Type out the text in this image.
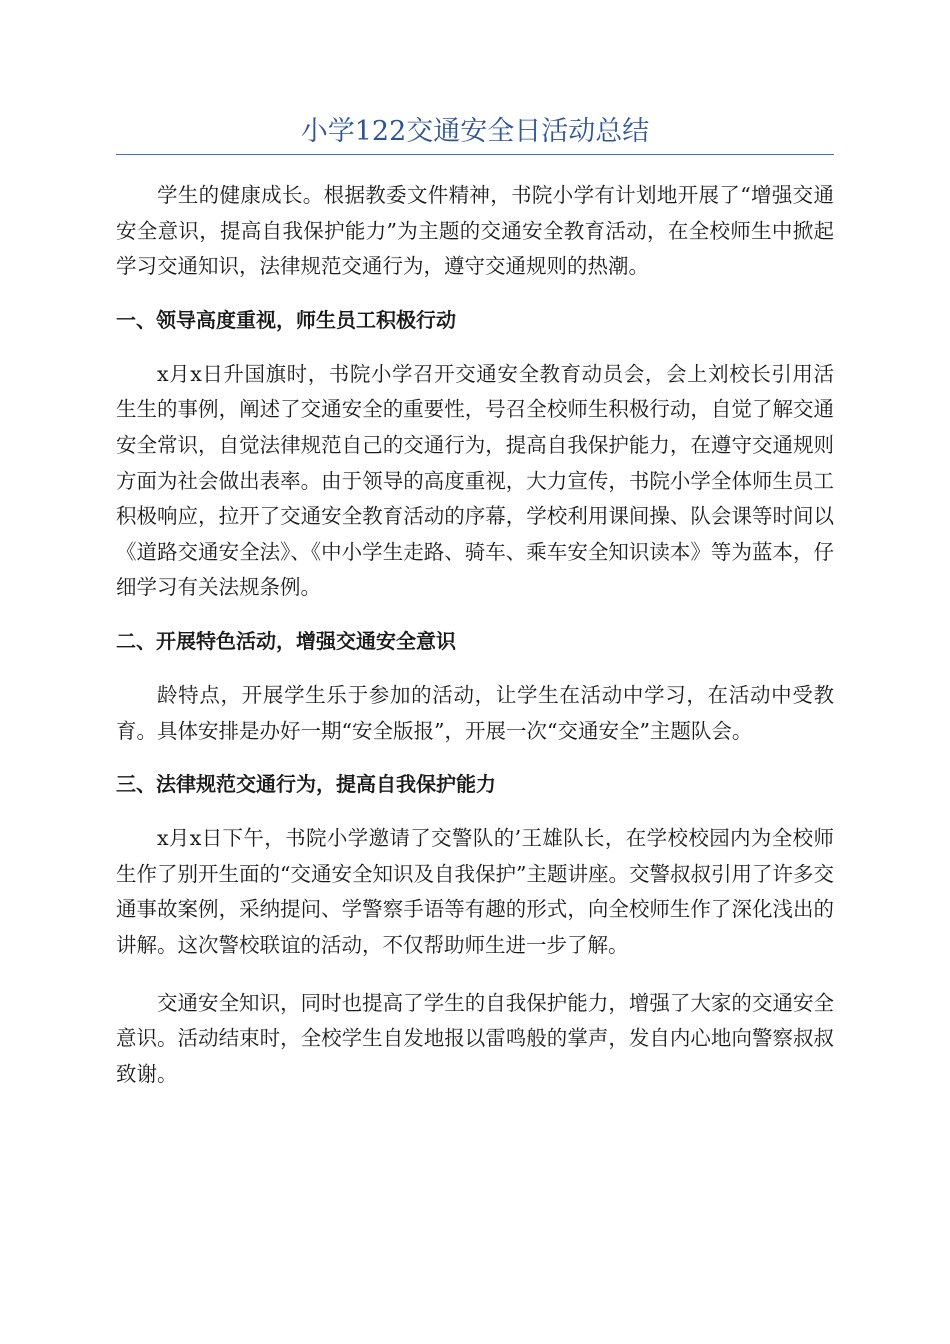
小学122交通安全日活动总结

学生的健康成长。根据教委文件精神，书院小学有计划地开展了“增强交通安全意识，提高自我保护能力”为主题的交通安全教育活动，在全校师生中掀起学习交通知识，法律规范交通行为，遵守交通规则的热潮。

一、领导高度重视，师生员工积极行动

x月x日升国旗时，书院小学召开交通安全教育动员会，会上刘校长引用活生生的事例，阐述了交通安全的重要性，号召全校师生积极行动，自觉了解交通安全常识，自觉法律规范自己的交通行为，提高自我保护能力，在遵守交通规则方面为社会做出表率。由于领导的高度重视，大力宣传，书院小学全体师生员工积极响应，拉开了交通安全教育活动的序幕，学校利用课间操、队会课等时间以《道路交通安全法》、《中小学生走路、骑车、乘车安全知识读本》等为蓝本，仔细学习有关法规条例。

二、开展特色活动，增强交通安全意识

龄特点，开展学生乐于参加的活动，让学生在活动中学习，在活动中受教育。具体安排是办好一期“安全版报”，开展一次“交通安全”主题队会。

三、法律规范交通行为，提高自我保护能力

x月x日下午，书院小学邀请了交警队的’王雄队长，在学校校园内为全校师生作了别开生面的“交通安全知识及自我保护”主题讲座。交警叔叔引用了许多交通事故案例，采纳提问、学警察手语等有趣的形式，向全校师生作了深化浅出的讲解。这次警校联谊的活动，不仅帮助师生进一步了解。

交通安全知识，同时也提高了学生的自我保护能力，增强了大家的交通安全意识。活动结束时，全校学生自发地报以雷鸣般的掌声，发自内心地向警察叔叔致谢。
